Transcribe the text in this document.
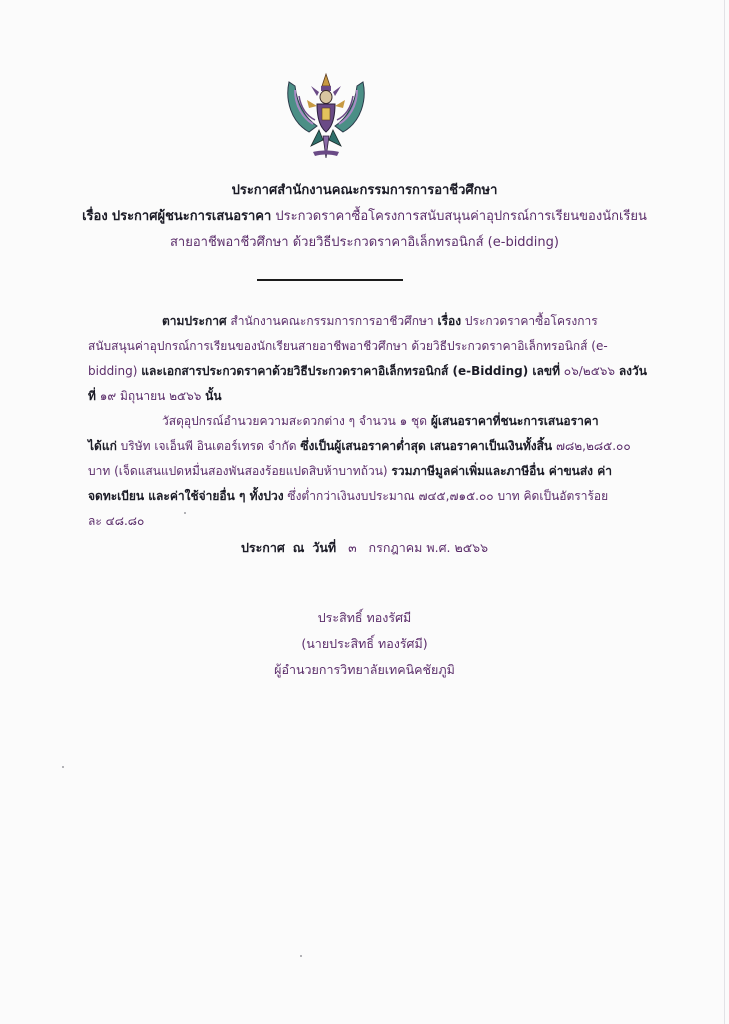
ประกาศสำนักงานคณะกรรมการการอาชีวศึกษา
เรื่อง ประกาศผู้ชนะการเสนอราคา ประกวดราคาซื้อโครงการสนับสนุนค่าอุปกรณ์การเรียนของนักเรียน
สายอาชีพอาชีวศึกษา ด้วยวิธีประกวดราคาอิเล็กทรอนิกส์ (e-bidding)
ตามประกาศ สำนักงานคณะกรรมการการอาชีวศึกษา เรื่อง ประกวดราคาซื้อโครงการ
สนับสนุนค่าอุปกรณ์การเรียนของนักเรียนสายอาชีพอาชีวศึกษา ด้วยวิธีประกวดราคาอิเล็กทรอนิกส์ (e-
bidding) และเอกสารประกวดราคาด้วยวิธีประกวดราคาอิเล็กทรอนิกส์ (e-Bidding) เลขที่ ๐๖/๒๕๖๖ ลงวัน
ที่ ๑๙ มิถุนายน ๒๕๖๖ นั้น
วัสดุอุปกรณ์อำนวยความสะดวกต่าง ๆ จำนวน ๑ ชุด ผู้เสนอราคาที่ชนะการเสนอราคา
ได้แก่ บริษัท เจเอ็นพี อินเตอร์เทรด จำกัด ซึ่งเป็นผู้เสนอราคาต่ำสุด เสนอราคาเป็นเงินทั้งสิ้น ๗๘๒,๒๘๕.๐๐
บาท (เจ็ดแสนแปดหมื่นสองพันสองร้อยแปดสิบห้าบาทถ้วน) รวมภาษีมูลค่าเพิ่มและภาษีอื่น ค่าขนส่ง ค่า
จดทะเบียน และค่าใช้จ่ายอื่น ๆ ทั้งปวง ซึ่งต่ำกว่าเงินงบประมาณ ๗๔๕,๗๑๕.๐๐ บาท คิดเป็นอัตราร้อย
ละ ๔๘.๘๐
ประกาศ ณ วันที่ ๓ กรกฎาคม พ.ศ. ๒๕๖๖
ประสิทธิ์ ทองรัศมี
(นายประสิทธิ์ ทองรัศมี)
ผู้อำนวยการวิทยาลัยเทคนิคชัยภูมิ
